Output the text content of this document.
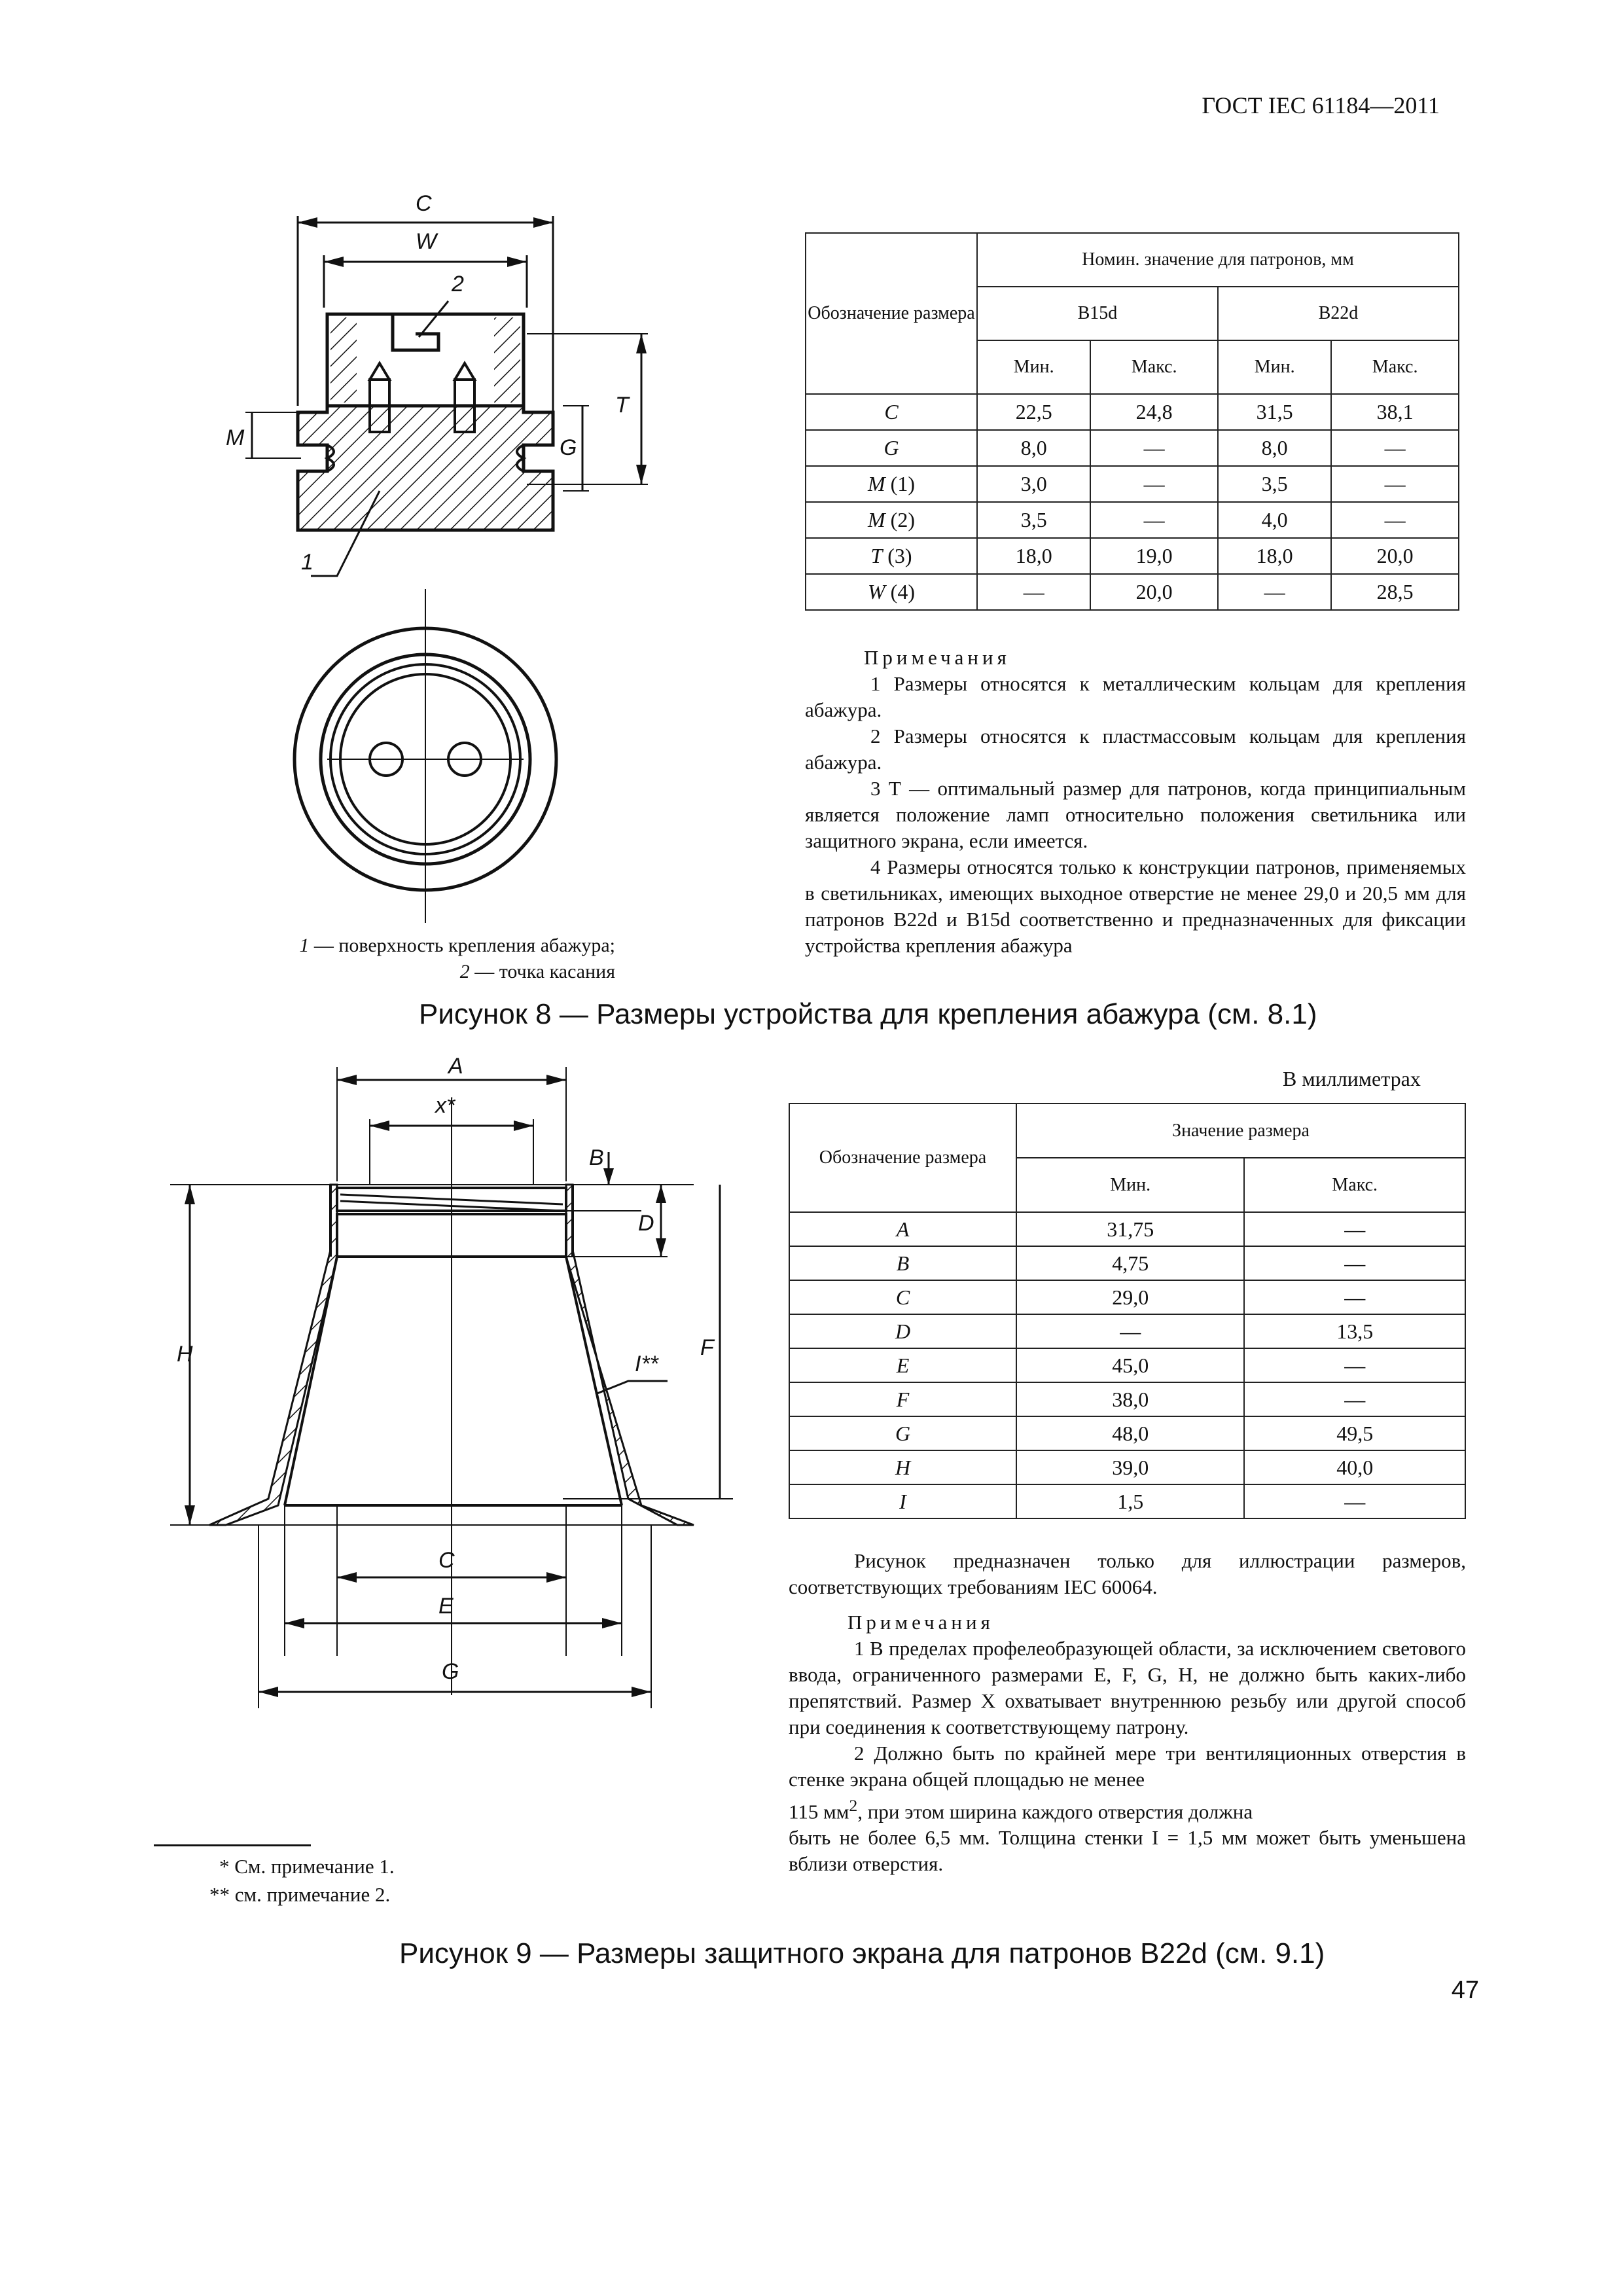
ГОСТ IEC 61184—2011
C
W
2
T
G
M
1
Обозначение размера	Номин. значение для патронов, мм			
	B15d		B22d	
	Мин.	Макс.	Мин.	Макс.
C	22,5	24,8	31,5	38,1
G	8,0	—	8,0	—
M (1)	3,0	—	3,5	—
M (2)	3,5	—	4,0	—
T (3)	18,0	19,0	18,0	20,0
W (4)	—	20,0	—	28,5

Примечания

1 Размеры относятся к металлическим кольцам для крепления абажура.

2 Размеры относятся к пластмассовым кольцам для крепления абажура.

3 Т — оптимальный размер для патронов, когда принципиальным является положение ламп относительно положения светильника или защитного экрана, если имеется.

4 Размеры относятся только к конструкции патронов, применяемых в светильниках, имеющих выходное отверстие не менее 29,0 и 20,5 мм для патронов B22d и B15d соответственно и предназначенных для фиксации устройства крепления абажура

1 — поверхность крепления абажура;
2 — точка касания
Рисунок 8 — Размеры устройства для крепления абажура (см. 8.1)
A
x*
B
D
H	I**
F
C
E
G
В миллиметрах
Обозначение размера	Значение размера	
	Мин.	Макс.
A	31,75	—
B	4,75	—
C	29,0	—
D	—	13,5
E	45,0	—
F	38,0	—
G	48,0	49,5
H	39,0	40,0
I	1,5	—

Рисунок предназначен только для иллюстрации размеров, соответствующих требованиям IEC 60064.

Примечания

1 В пределах профелеобразующей области, за исключением светового ввода, ограниченного размерами E, F, G, H, не должно быть каких-либо препятствий. Размер X охватывает внутреннюю резьбу или другой способ при соединения к соответствующему патрону.

2 Должно быть по крайней мере три вентиляционных отверстия в стенке экрана общей площадью не менее

115 $мм^2$, при этом ширина каждого отверстия должна

быть не более 6,5 мм. Толщина стенки I = 1,5 мм может быть уменьшена вблизи отверстия.

* См. примечание 1.
** см. примечание 2.
Рисунок 9 — Размеры защитного экрана для патронов B22d (см. 9.1)
47
